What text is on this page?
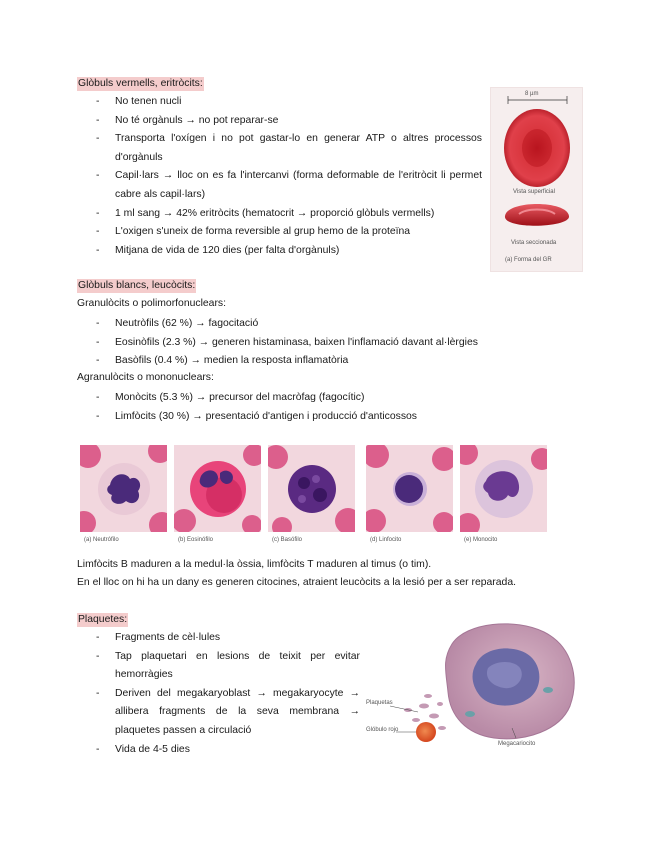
Glòbuls vermells, eritròcits:
- No tenen nucli
- No té orgànuls → no pot reparar-se
- Transporta l'oxígen i no pot gastar-lo en generar ATP o altres processos d'orgànuls
- Capil·lars → lloc on es fa l'intercanvi (forma deformable de l'eritròcit li permet cabre als capil·lars)
- 1 ml sang → 42% eritròcits (hematocrit → proporció glòbuls vermells)
- L'oxigen s'uneix de forma reversible al grup hemo de la proteïna
- Mitjana de vida de 120 dies (per falta d'orgànuls)
8 µm
Vista superficial
Vista seccionada
(a) Forma del GR
Glòbuls blancs, leucòcits:
Granulòcits o polimorfonuclears:
- Neutròfils (62 %) → fagocitació
- Eosinòfils (2.3 %) → generen histaminasa, baixen l'inflamació davant al·lèrgies
- Basòfils (0.4 %) → medien la resposta inflamatòria
Agranulòcits o mononuclears:
- Monòcits (5.3 %) → precursor del macròfag (fagocític)
- Limfòcits (30 %) → presentació d'antigen i producció d'anticossos
(a) Neutrófilo	(b) Eosinófilo	(c) Basófilo	(d) Linfocito	(e) Monocito
Limfòcits B maduren a la medul·la òssia, limfòcits T maduren al timus (o tim).
En el lloc on hi ha un dany es generen citocines, atraient leucòcits a la lesió per a ser reparada.
Plaquetes:
- Fragments de cèl·lules
- Tap plaquetari en lesions de teixit per evitar hemorràgies
- Deriven del megakaryoblast → megakaryocyte → allibera fragments de la seva membrana → plaquetes passen a circulació
- Vida de 4-5 dies
Plaquetas
Glóbulo rojo
Megacariocito
